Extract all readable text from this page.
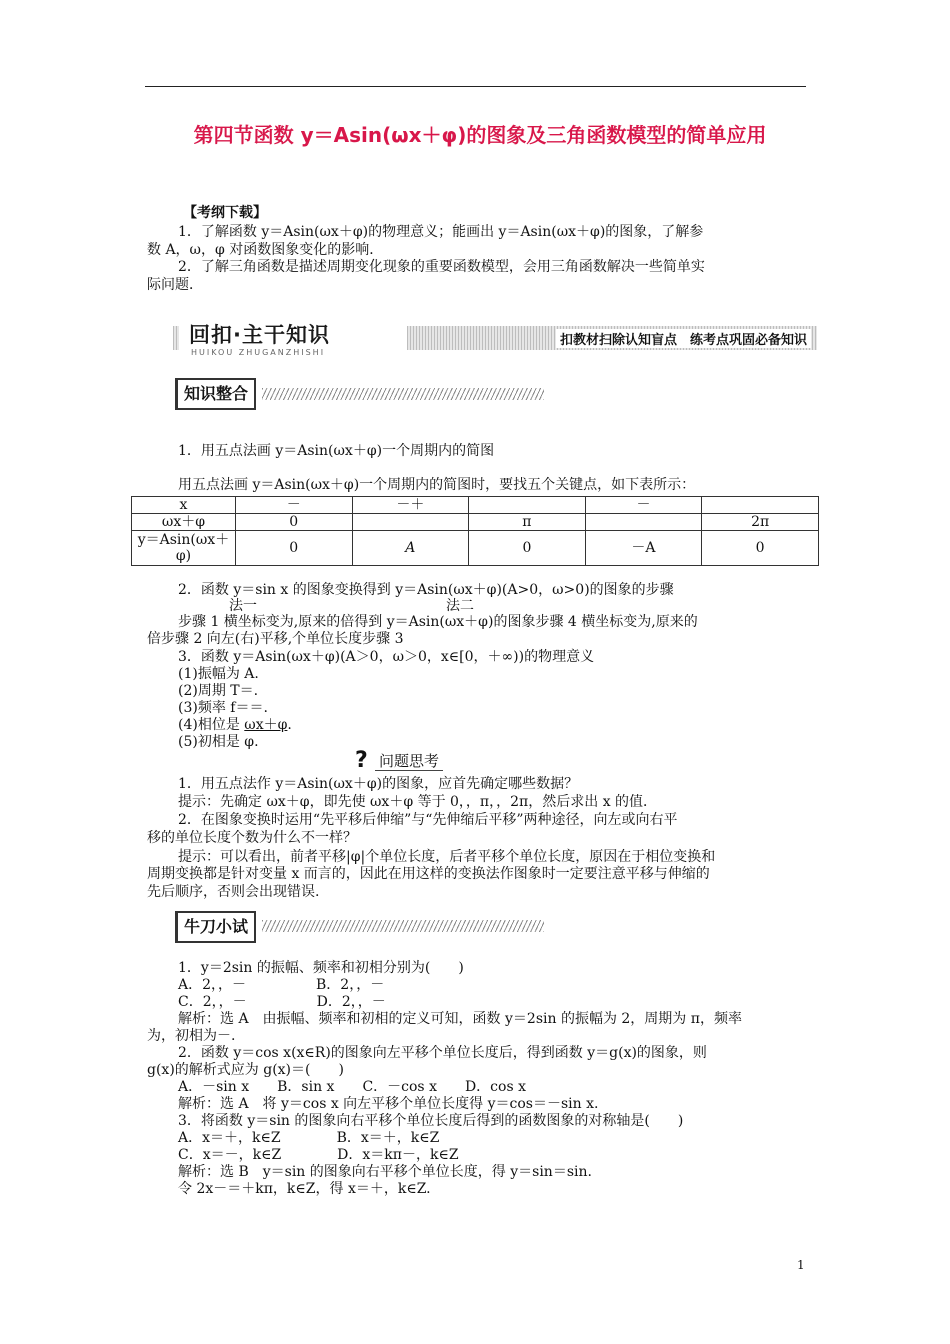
第四节函数 y＝Asin(ωx＋φ)的图象及三角函数模型的简单应用
【考纲下载】
1．了解函数 y＝Asin(ωx＋φ)的物理意义；能画出 y＝Asin(ωx＋φ)的图象，了解参
数 A，ω，φ 对函数图象变化的影响．
2．了解三角函数是描述周期变化现象的重要函数模型，会用三角函数解决一些简单实
际问题．
回扣·主干知识
HUIKOU ZHUGANZHISHI
扣教材扫除认知盲点　练考点巩固必备知识
知识整合
1．用五点法画 y＝Asin(ωx＋φ)一个周期内的简图
用五点法画 y＝Asin(ωx＋φ)一个周期内的简图时，要找五个关键点，如下表所示：
x	－	－＋		－	
ωx＋φ	0		π		2π
y＝Asin(ωx＋φ)	0	A	0	－A	0
2．函数 y＝sin x 的图象变换得到 y＝Asin(ωx＋φ)(A>0，ω>0)的图象的步骤
法一	法二
步骤 1 横坐标变为,原来的倍得到 y＝Asin(ωx＋φ)的图象步骤 4 横坐标变为,原来的
倍步骤 2 向左(右)平移,个单位长度步骤 3
3．函数 y＝Asin(ωx＋φ)(A＞0，ω＞0，x∈[0，＋∞))的物理意义
(1)振幅为 A.
(2)周期 T＝.
(3)频率 f＝＝.
(4)相位是 ωx＋φ.
(5)初相是 φ.
? 问题思考
1．用五点法作 y＝Asin(ωx＋φ)的图象，应首先确定哪些数据？
提示：先确定 ωx＋φ，即先使 ωx＋φ 等于 0，，π，，2π，然后求出 x 的值．
2．在图象变换时运用“先平移后伸缩”与“先伸缩后平移”两种途径，向左或向右平
移的单位长度个数为什么不一样？
提示：可以看出，前者平移|φ|个单位长度，后者平移个单位长度，原因在于相位变换和
周期变换都是针对变量 x 而言的，因此在用这样的变换法作图象时一定要注意平移与伸缩的
先后顺序，否则会出现错误.
牛刀小试
1．y＝2sin 的振幅、频率和初相分别为(　　)
A．2，，－　　　　　B．2，，－
C．2，，－　　　　　D．2，，－
解析：选 A　由振幅、频率和初相的定义可知，函数 y＝2sin 的振幅为 2，周期为 π，频率
为，初相为－.
2．函数 y＝cos x(x∈R)的图象向左平移个单位长度后，得到函数 y＝g(x)的图象，则
g(x)的解析式应为 g(x)＝(　　)
A．－sin x　　B．sin x　　C．－cos x　　D．cos x
解析：选 A　将 y＝cos x 向左平移个单位长度得 y＝cos＝－sin x.
3．将函数 y＝sin 的图象向右平移个单位长度后得到的函数图象的对称轴是(　　)
A．x＝＋，k∈Z　　　　B．x＝＋，k∈Z
C．x＝－，k∈Z　　　　D．x＝kπ－，k∈Z
解析：选 B　y＝sin 的图象向右平移个单位长度，得 y＝sin＝sin.
令 2x－＝＋kπ，k∈Z，得 x＝＋，k∈Z.
1
